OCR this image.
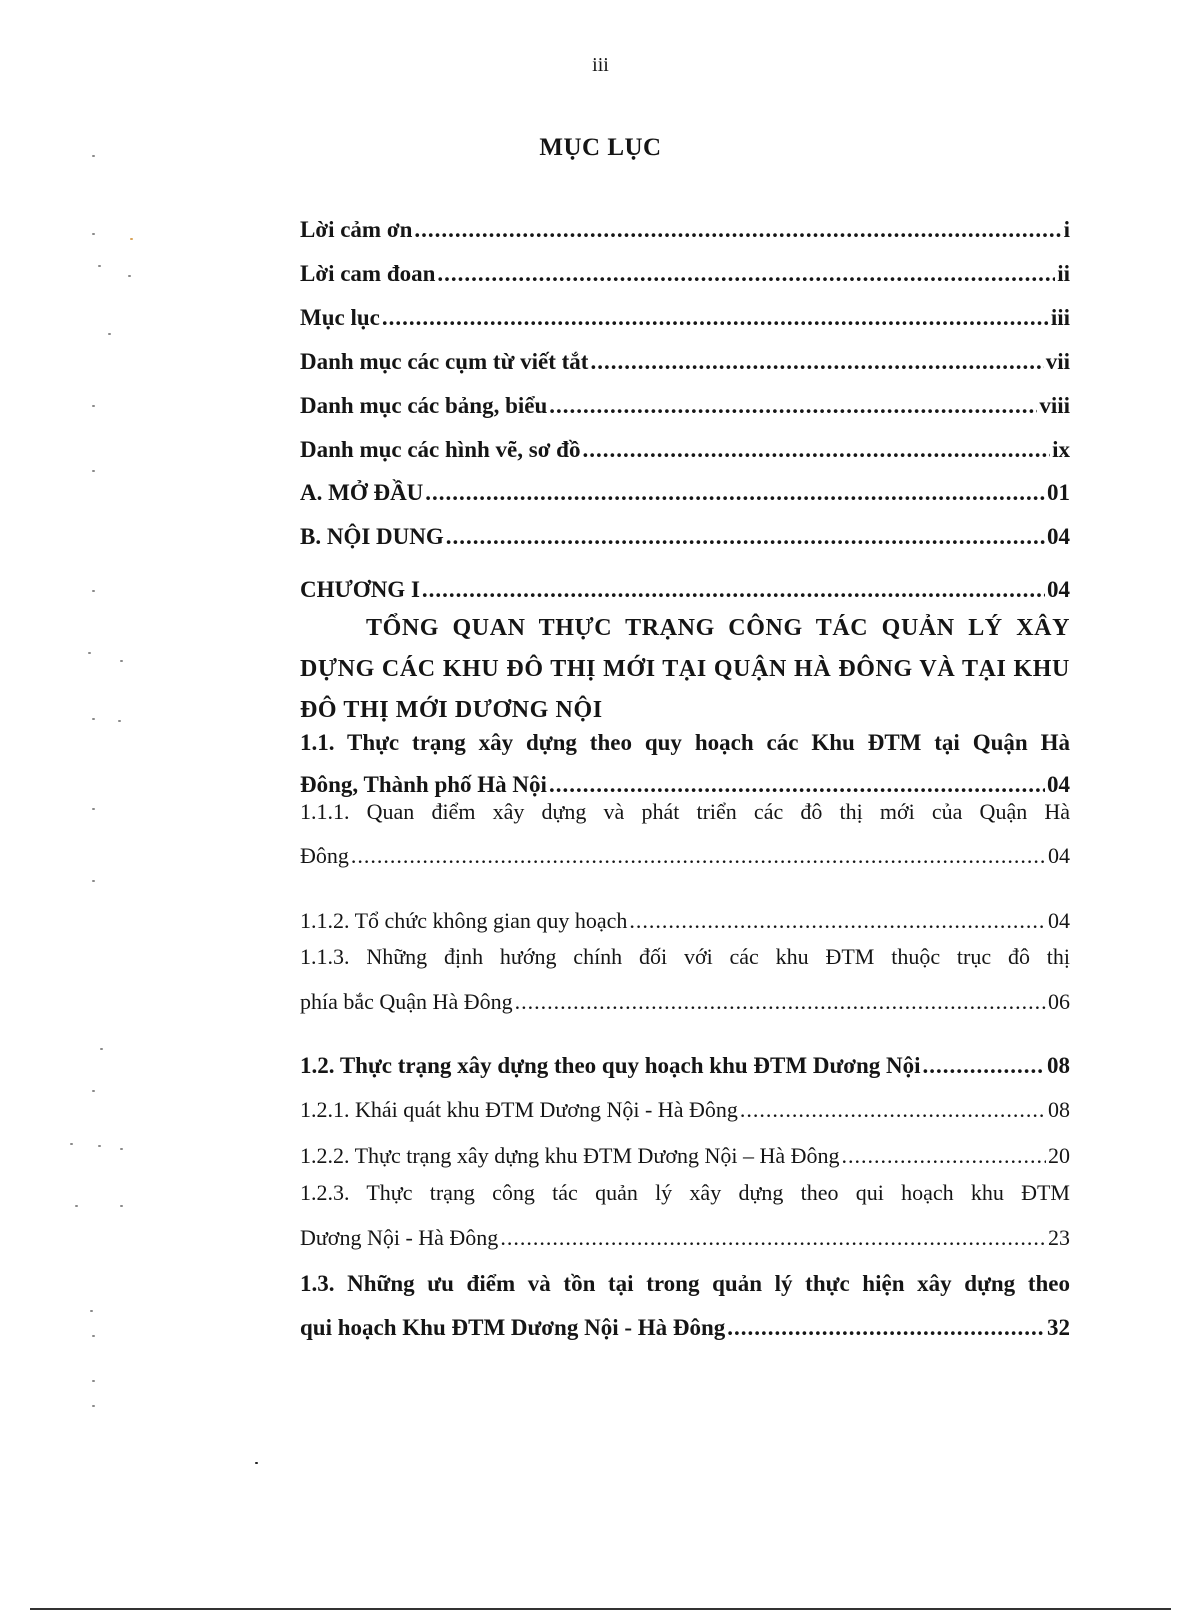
iii
MỤC LỤC
Lời cảm ơn .....	i
Lời cam đoan .....	ii
Mục lục .....	iii
Danh mục các cụm từ viết tắt .....	vii
Danh mục các bảng, biểu .....	viii
Danh mục các hình vẽ, sơ đồ .....	ix
A. MỞ ĐẦU .....	01
B. NỘI DUNG .....	04
CHƯƠNG I .....	04
TỔNG QUAN THỰC TRẠNG CÔNG TÁC QUẢN LÝ XÂY DỰNG CÁC KHU ĐÔ THỊ MỚI TẠI QUẬN HÀ ĐÔNG VÀ TẠI KHU ĐÔ THỊ MỚI DƯƠNG NỘI
1.1. Thực trạng xây dựng theo quy hoạch các Khu ĐTM tại Quận Hà
Đông, Thành phố Hà Nội .....	04
1.1.1. Quan điểm xây dựng và phát triển các đô thị mới của Quận Hà
Đông .....	04
1.1.2. Tổ chức không gian quy hoạch .....	04
1.1.3. Những định hướng chính đối với các khu ĐTM thuộc trục đô thị
phía bắc Quận Hà Đông .....	06
1.2. Thực trạng xây dựng theo quy hoạch khu ĐTM Dương Nội .....	08
1.2.1. Khái quát khu ĐTM Dương Nội - Hà Đông .....	08
1.2.2. Thực trạng xây dựng khu ĐTM Dương Nội – Hà Đông .....	20
1.2.3. Thực trạng công tác quản lý xây dựng theo qui hoạch khu ĐTM
Dương Nội - Hà Đông .....	23
1.3. Những ưu điểm và tồn tại trong quản lý thực hiện xây dựng theo
qui hoạch Khu ĐTM Dương Nội - Hà Đông .....	32
